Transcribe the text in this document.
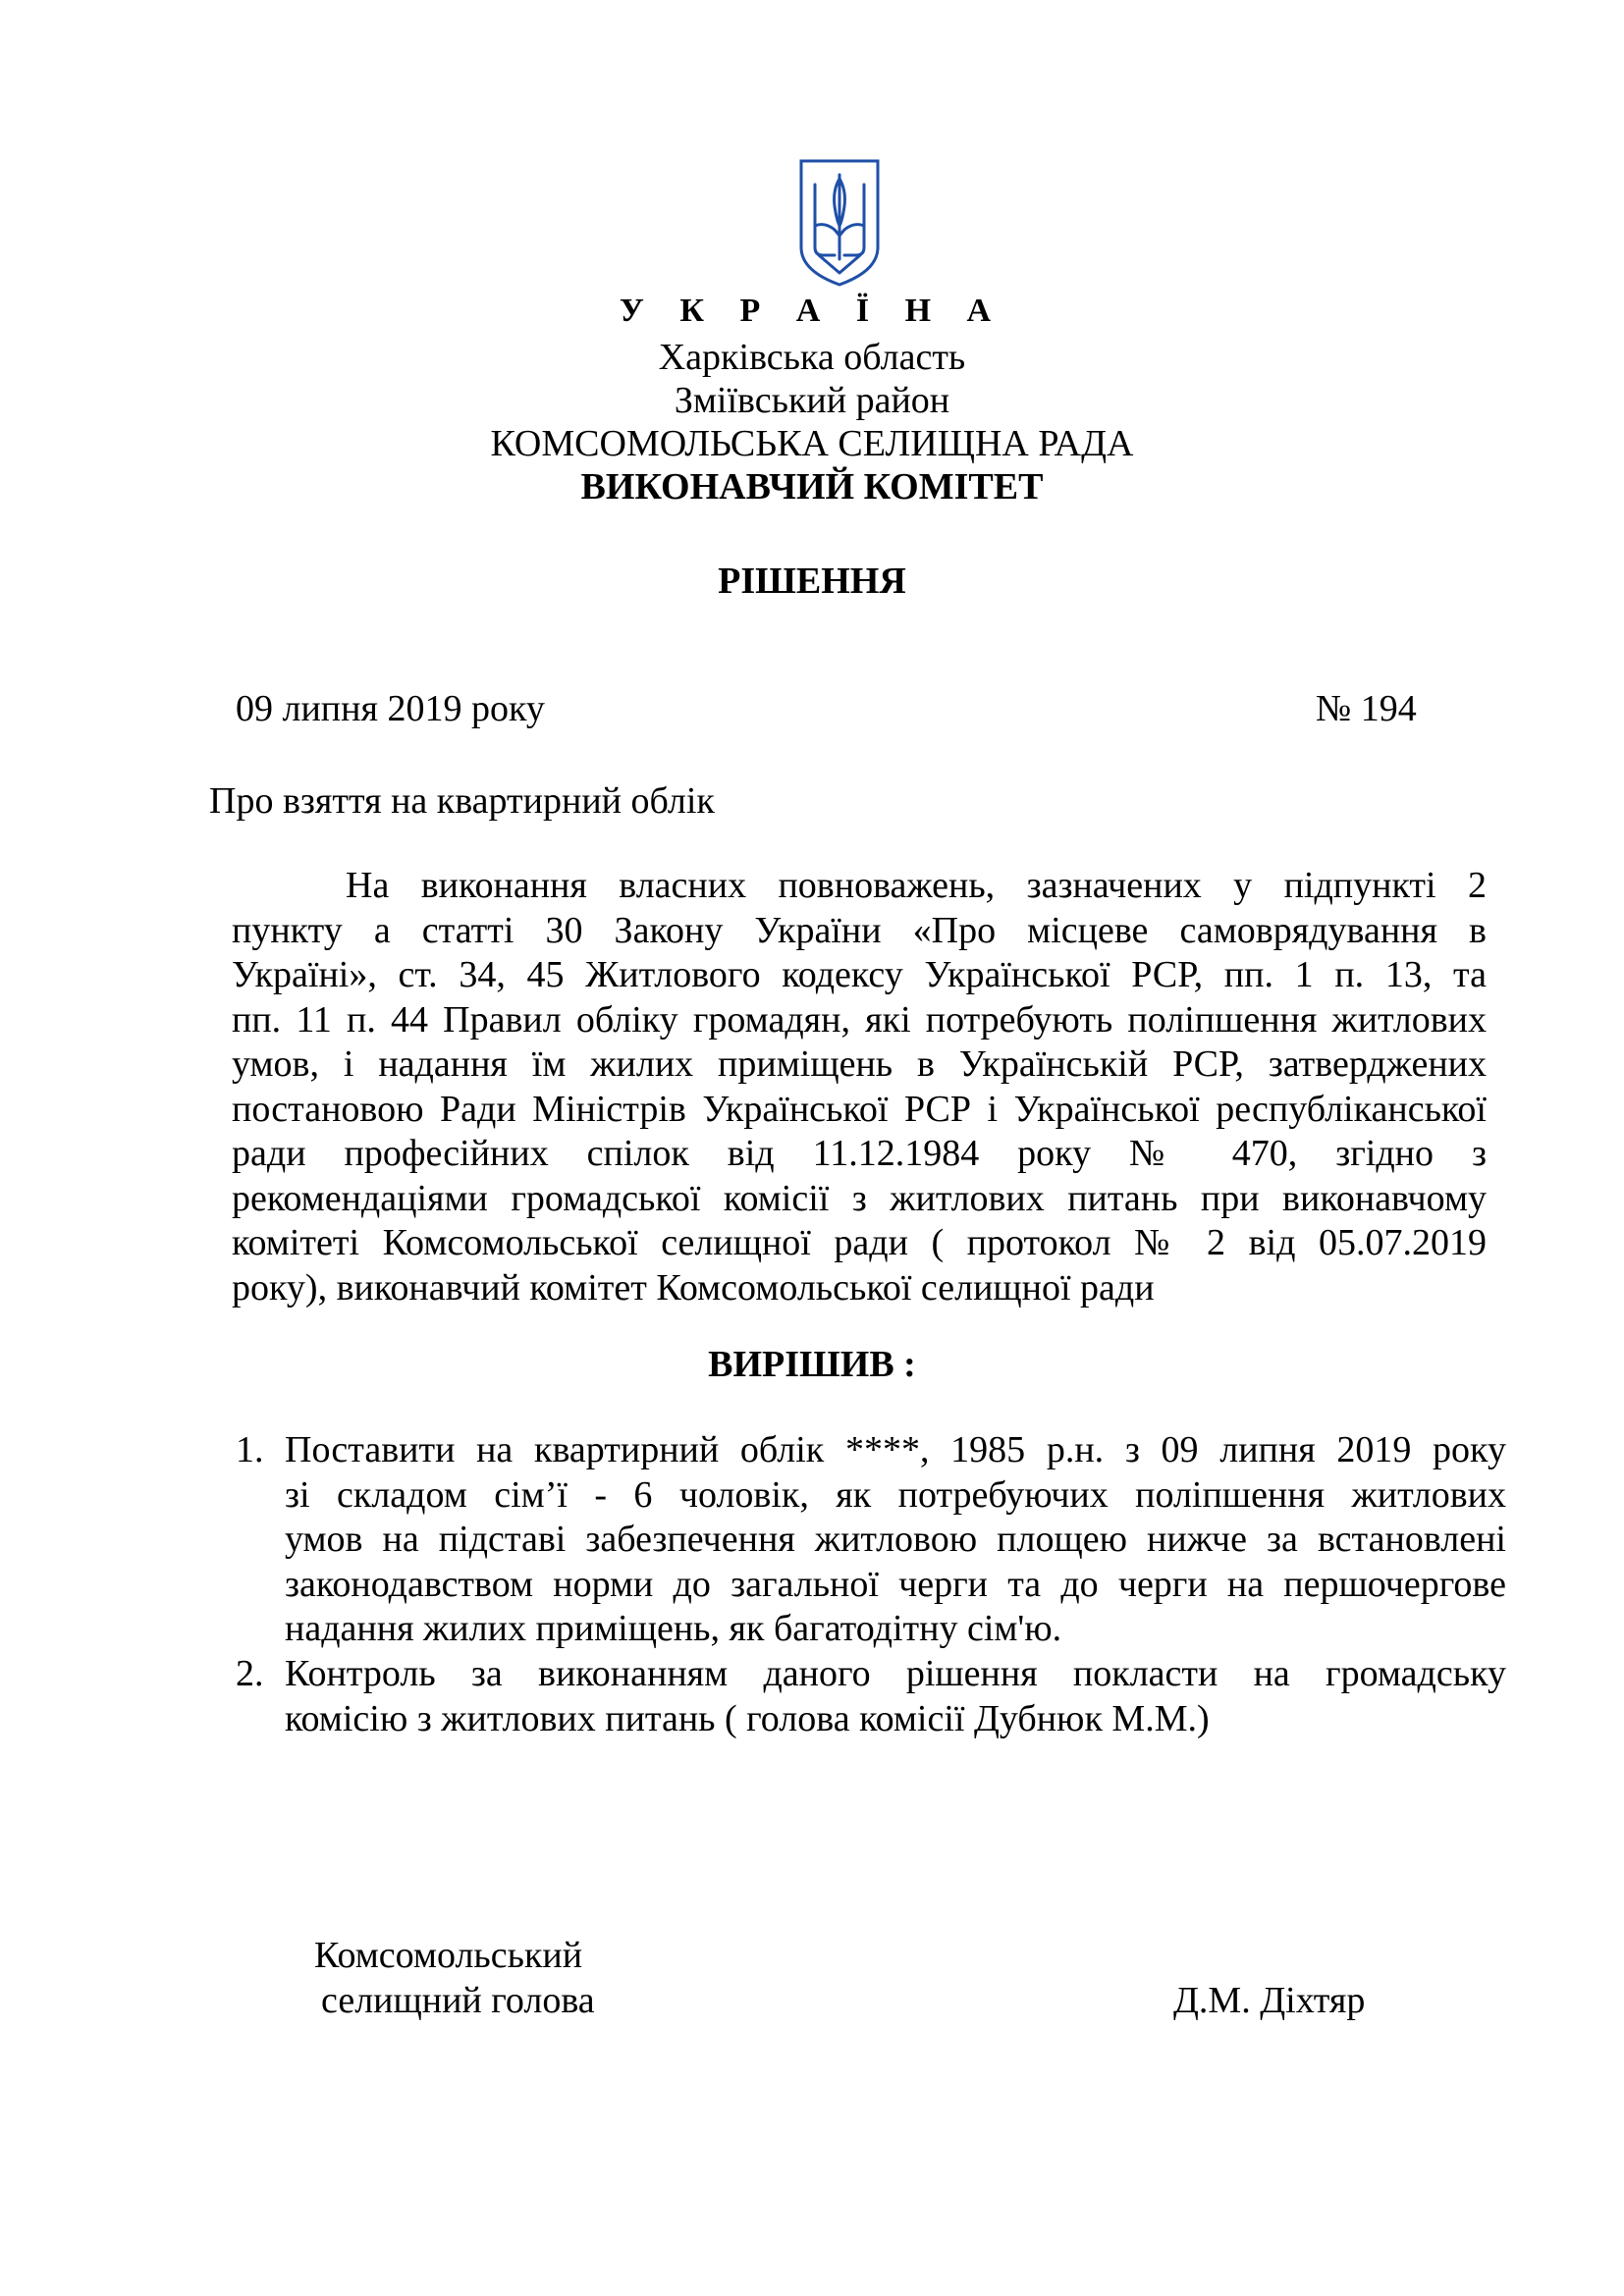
У К Р А Ї Н А
Харківська область
Зміївський район
КОМСОМОЛЬСЬКА СЕЛИЩНА РАДА
ВИКОНАВЧИЙ КОМІТЕТ
РІШЕННЯ
09 липня 2019 року	№ 194
Про взяття на квартирний облік
На виконання власних повноважень, зазначених у підпункті 2
пункту а статті 30 Закону України «Про місцеве самоврядування в
Україні», ст. 34, 45 Житлового кодексу Української РСР, пп. 1 п. 13, та
пп. 11 п. 44 Правил обліку громадян, які потребують поліпшення житлових
умов, і надання їм жилих приміщень в Українській РСР, затверджених
постановою Ради Міністрів Української РСР і Української республіканської
ради професійних спілок від 11.12.1984 року № 470, згідно з
рекомендаціями громадської комісії з житлових питань при виконавчому
комітеті Комсомольської селищної ради ( протокол № 2 від 05.07.2019
року), виконавчий комітет Комсомольської селищної ради
ВИРІШИВ :
1. Поставити на квартирний облік ****, 1985 р.н. з 09 липня 2019 року
зі складом сім’ї - 6 чоловік, як потребуючих поліпшення житлових
умов на підставі забезпечення житловою площею нижче за встановлені
законодавством норми до загальної черги та до черги на першочергове
надання жилих приміщень, як багатодітну сім'ю.
2. Контроль за виконанням даного рішення покласти на громадську
комісію з житлових питань ( голова комісії Дубнюк М.М.)
Комсомольський
селищний голова	Д.М. Діхтяр
